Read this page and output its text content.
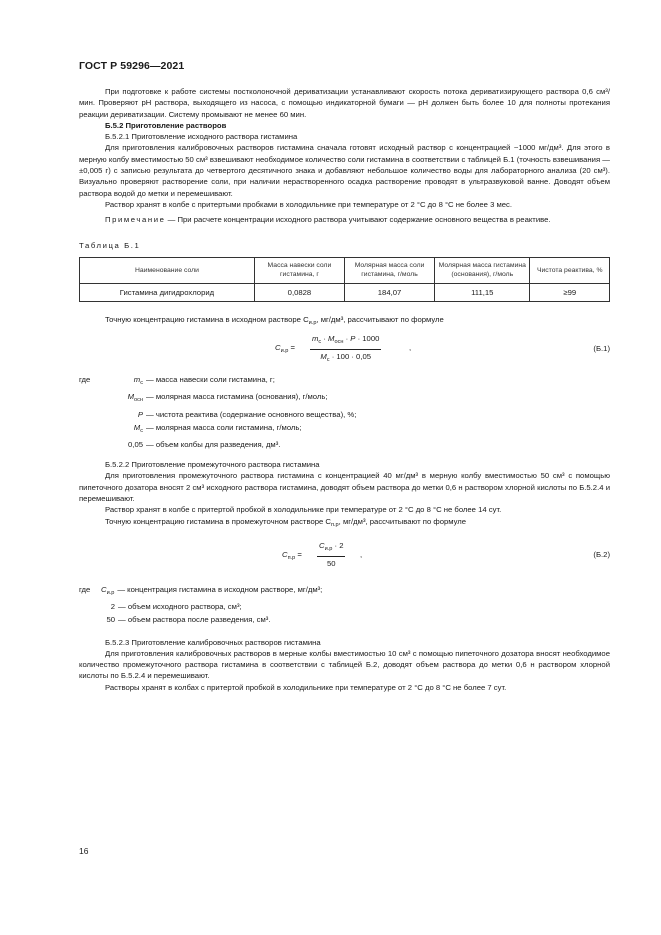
ГОСТ Р 59296—2021

При подготовке к работе системы постколоночной дериватизации устанавливают скорость потока дериватизирующего раствора 0,6 см³/мин. Проверяют pH раствора, выходящего из насоса, с помощью индикаторной бумаги — pH должен быть более 10 для полноты протекания реакции дериватизации. Систему промывают не менее 60 мин.

Б.5.2 Приготовление растворов

Б.5.2.1 Приготовление исходного раствора гистамина

Для приготовления калибровочных растворов гистамина сначала готовят исходный раствор с концентрацией ~1000 мг/дм³. Для этого в мерную колбу вместимостью 50 см³ взвешивают необходимое количество соли гистамина в соответствии с таблицей Б.1 (точность взвешивания — ±0,005 г) с записью результата до четвертого десятичного знака и добавляют небольшое количество воды для лабораторного анализа (20 см³). Визуально проверяют растворение соли, при наличии нерастворенного осадка растворение проводят в ультразвуковой ванне. Доводят объем раствора водой до метки и перемешивают.

Раствор хранят в колбе с притертыми пробками в холодильнике при температуре от 2 °C до 8 °C не более 3 мес.

Примечание — При расчете концентрации исходного раствора учитывают содержание основного вещества в реактиве.

Таблица Б.1

Наименование соли	Масса навески соли гистамина, г	Молярная масса соли гистамина, г/моль	Молярная масса гистамина (основания), г/моль	Чистота реактива, %
Гистамина дигидрохлорид	0,0828	184,07	111,15	≥99

Точную концентрацию гистамина в исходном растворе $C_{и.р}$, мг/дм³, рассчитывают по формуле

$C_{и.р}$ =
$m_с \cdot M_{осн} \cdot P \cdot 1000$
$M_с \cdot 100 \cdot 0,05$
,	(Б.1)
где	$m_с$ — масса навески соли гистамина, г;
$M_{осн}$ — молярная масса гистамина (основания), г/моль;
P — чистота реактива (содержание основного вещества), %;
$M_с$ — молярная масса соли гистамина, г/моль;
0,05 — объем колбы для разведения, дм³.

Б.5.2.2 Приготовление промежуточного раствора гистамина

Для приготовления промежуточного раствора гистамина с концентрацией 40 мг/дм³ в мерную колбу вместимостью 50 см³ с помощью пипеточного дозатора вносят 2 см³ исходного раствора гистамина, доводят объем раствора до метки 0,6 н раствором хлорной кислоты по Б.5.2.4 и перемешивают.

Раствор хранят в колбе с притертой пробкой в холодильнике при температуре от 2 °C до 8 °C не более 14 сут.

Точную концентрацию гистамина в промежуточном растворе $C_{п.р}$, мг/дм³, рассчитывают по формуле

$C_{п.р}$ =
$C_{и.р} \cdot 2$
50
,	(Б.2)
где	$C_{и.р}$ — концентрация гистамина в исходном растворе, мг/дм³;
2 — объем исходного раствора, см³;
50 — объем раствора после разведения, см³.

Б.5.2.3 Приготовление калибровочных растворов гистамина

Для приготовления калибровочных растворов в мерные колбы вместимостью 10 см³ с помощью пипеточного дозатора вносят необходимое количество промежуточного раствора гистамина в соответствии с таблицей Б.2, доводят объем раствора до метки 0,6 н раствором хлорной кислоты по Б.5.2.4 и перемешивают.

Растворы хранят в колбах с притертой пробкой в холодильнике при температуре от 2 °C до 8 °C не более 7 сут.

16
